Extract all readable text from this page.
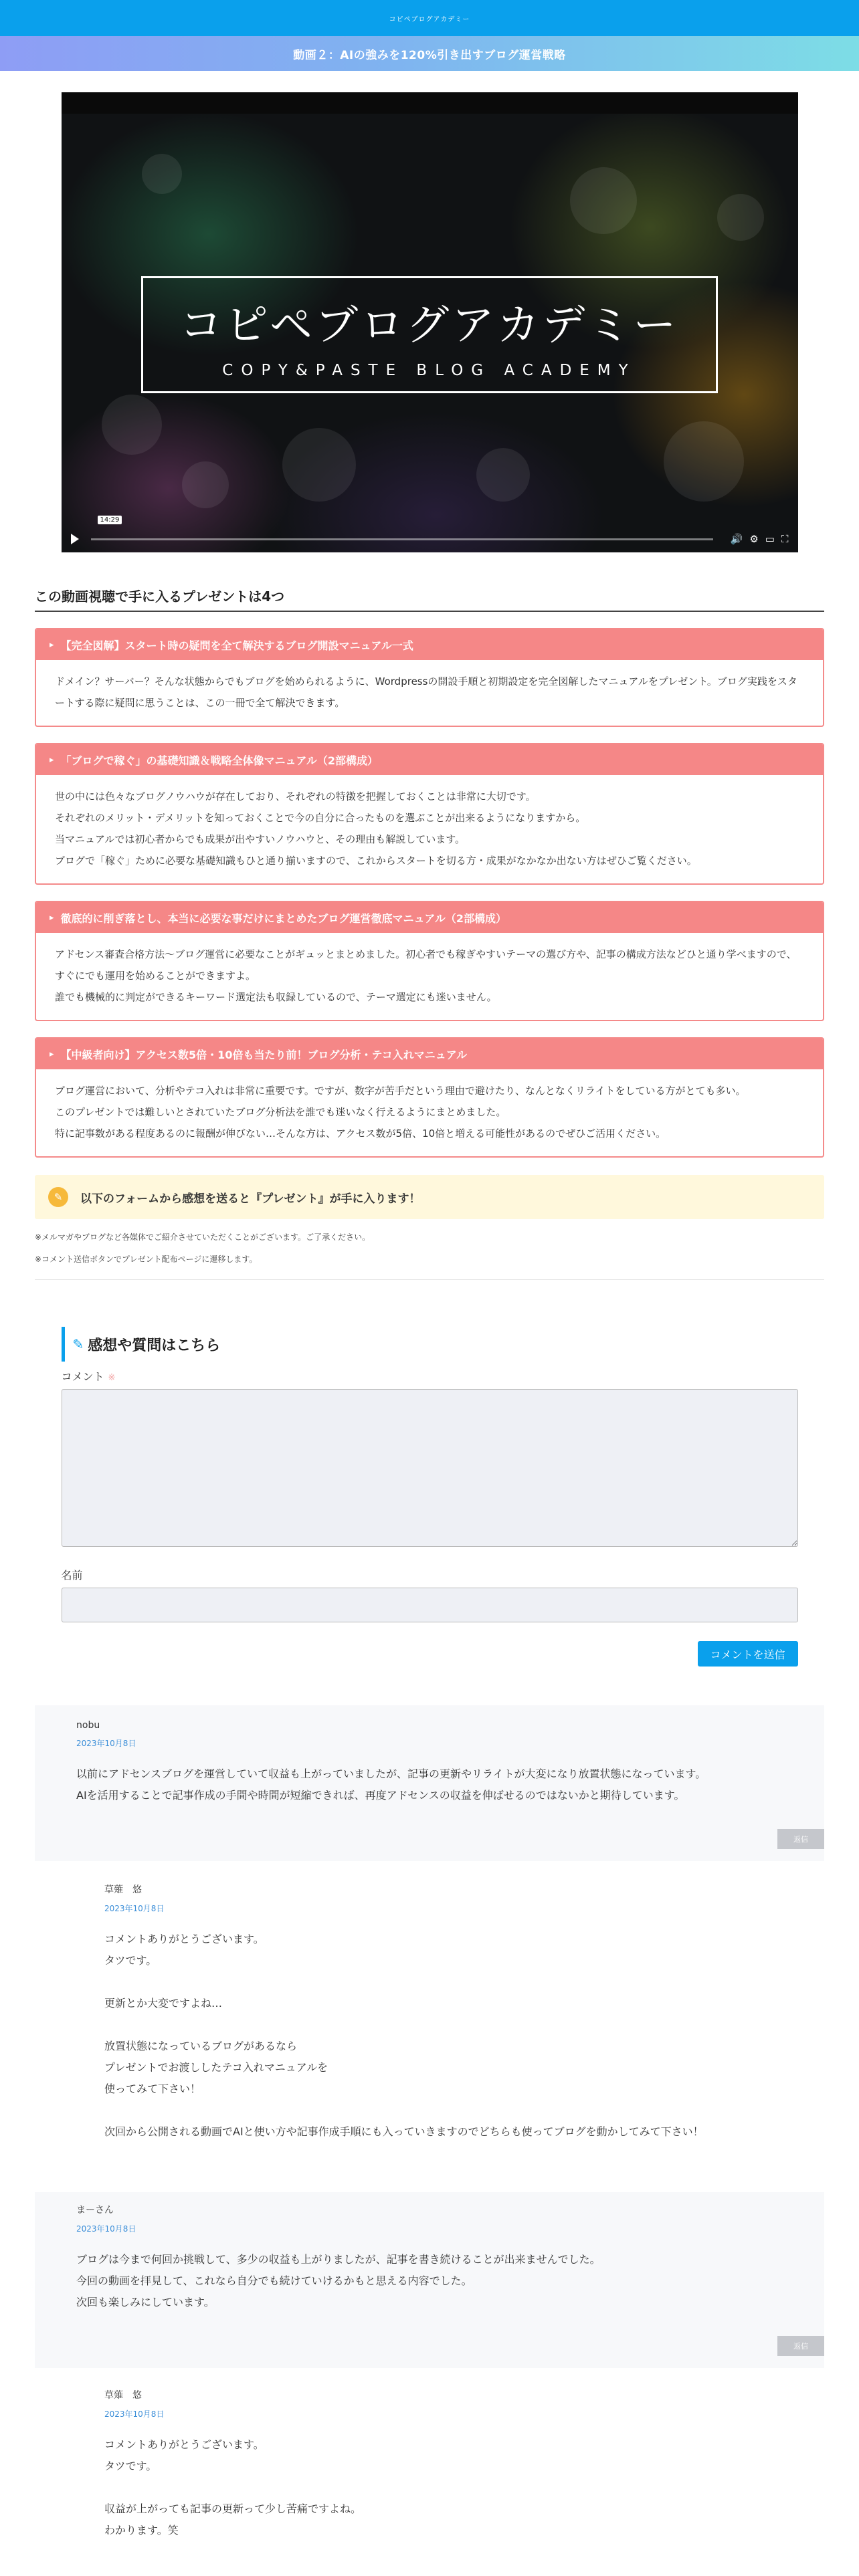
コピペブログアカデミー
動画２：AIの強みを120%引き出すブログ運営戦略
コピペブログアカデミー
COPY&PASTE BLOG ACADEMY
14:29
🔊 ⚙ ▭ ⛶
この動画視聴で手に入るプレゼントは4つ
▸ 【完全図解】スタート時の疑問を全て解決するブログ開設マニュアル一式

ドメイン？サーバー？そんな状態からでもブログを始められるように、Wordpressの開設手順と初期設定を完全図解したマニュアルをプレゼント。ブログ実践をスタートする際に疑問に思うことは、この一冊で全て解決できます。

▸ 「ブログで稼ぐ」の基礎知識＆戦略全体像マニュアル（2部構成）

世の中には色々なブログノウハウが存在しており、それぞれの特徴を把握しておくことは非常に大切です。

それぞれのメリット・デメリットを知っておくことで今の自分に合ったものを選ぶことが出来るようになりますから。

当マニュアルでは初心者からでも成果が出やすいノウハウと、その理由も解説しています。

ブログで「稼ぐ」ために必要な基礎知識もひと通り揃いますので、これからスタートを切る方・成果がなかなか出ない方はぜひご覧ください。

▸ 徹底的に削ぎ落とし、本当に必要な事だけにまとめたブログ運営徹底マニュアル（2部構成）

アドセンス審査合格方法〜ブログ運営に必要なことがギュッとまとめました。初心者でも稼ぎやすいテーマの選び方や、記事の構成方法などひと通り学べますので、すぐにでも運用を始めることができますよ。

誰でも機械的に判定ができるキーワード選定法も収録しているので、テーマ選定にも迷いません。

▸ 【中級者向け】アクセス数5倍・10倍も当たり前！ブログ分析・テコ入れマニュアル

ブログ運営において、分析やテコ入れは非常に重要です。ですが、数字が苦手だという理由で避けたり、なんとなくリライトをしている方がとても多い。

このプレゼントでは難しいとされていたブログ分析法を誰でも迷いなく行えるようにまとめました。

特に記事数がある程度あるのに報酬が伸びない…そんな方は、アクセス数が5倍、10倍と増える可能性があるのでぜひご活用ください。

✎	以下のフォームから感想を送ると『プレゼント』が手に入ります！

※メルマガやブログなど各媒体でご紹介させていただくことがございます。ご了承ください。

※コメント送信ボタンでプレゼント配布ページに遷移します。

✎ 感想や質問はこちら
コメント ※
名前
コメントを送信
nobu
2023年10月8日

以前にアドセンスブログを運営していて収益も上がっていましたが、記事の更新やリライトが大変になり放置状態になっています。

AIを活用することで記事作成の手間や時間が短縮できれば、再度アドセンスの収益を伸ばせるのではないかと期待しています。

返信
草薙　悠
2023年10月8日

コメントありがとうございます。

タツです。

更新とか大変ですよね…

放置状態になっているブログがあるなら

プレゼントでお渡ししたテコ入れマニュアルを

使ってみて下さい！

次回から公開される動画でAIと使い方や記事作成手順にも入っていきますのでどちらも使ってブログを動かしてみて下さい！

まーさん
2023年10月8日

ブログは今まで何回か挑戦して、多少の収益も上がりましたが、記事を書き続けることが出来ませんでした。

今回の動画を拝見して、これなら自分でも続けていけるかもと思える内容でした。

次回も楽しみにしています。

返信
草薙　悠
2023年10月8日

コメントありがとうございます。

タツです。

収益が上がっても記事の更新って少し苦痛ですよね。

わかります。笑
